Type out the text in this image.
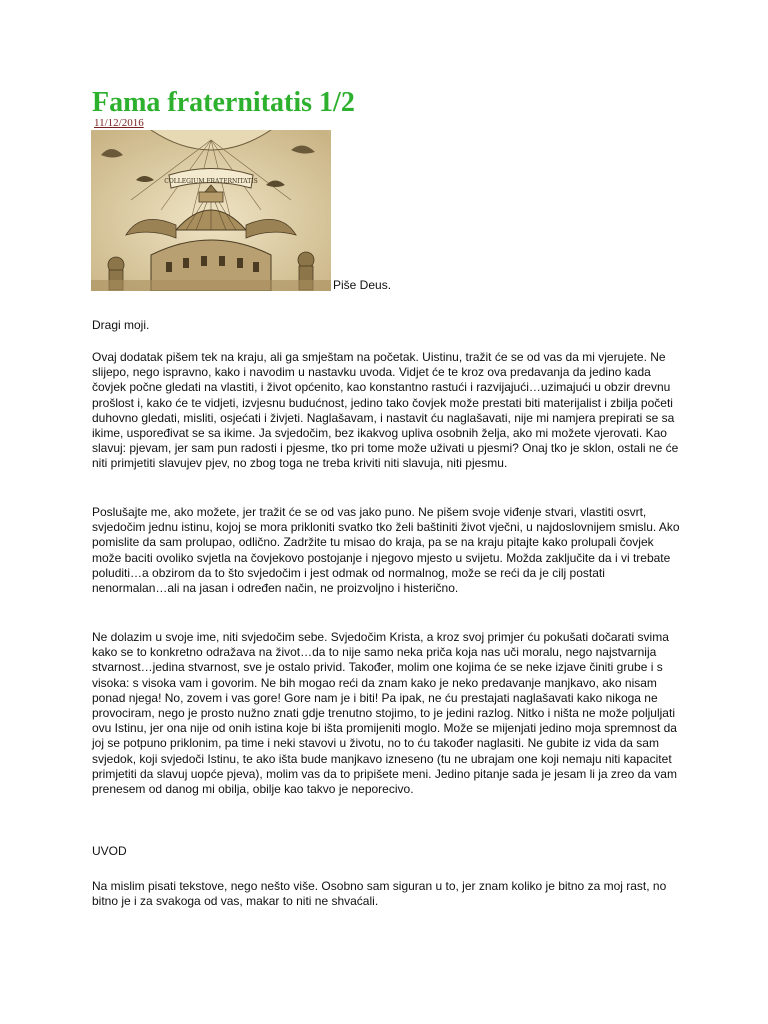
Fama fraternitatis 1/2
11/12/2016
COLLEGIUM FRATERNITATIS
Piše Deus.

Dragi moji.

Ovaj dodatak pišem tek na kraju, ali ga smještam na početak. Uistinu, tražit će se od vas da mi vjerujete. Ne slijepo, nego ispravno, kako i navodim u nastavku uvoda. Vidjet će te kroz ova predavanja da jedino kada čovjek počne gledati na vlastiti, i život općenito, kao konstantno rastući i razvijajući…uzimajući u obzir drevnu prošlost i, kako će te vidjeti, izvjesnu budućnost, jedino tako čovjek može prestati biti materijalist i zbilja početi duhovno gledati, misliti, osjećati i živjeti. Naglašavam, i nastavit ću naglašavati, nije mi namjera prepirati se sa ikime, uspoređivat se sa ikime. Ja svjedočim, bez ikakvog upliva osobnih želja, ako mi možete vjerovati. Kao slavuj: pjevam, jer sam pun radosti i pjesme, tko pri tome može uživati u pjesmi? Onaj tko je sklon, ostali ne će niti primjetiti slavujev pjev, no zbog toga ne treba kriviti niti slavuja, niti pjesmu.

Poslušajte me, ako možete, jer tražit će se od vas jako puno. Ne pišem svoje viđenje stvari, vlastiti osvrt, svjedočim jednu istinu, kojoj se mora prikloniti svatko tko želi baštiniti život vječni, u najdoslovnijem smislu. Ako pomislite da sam prolupao, odlično. Zadržite tu misao do kraja, pa se na kraju pitajte kako prolupali čovjek može baciti ovoliko svjetla na čovjekovo postojanje i njegovo mjesto u svijetu. Možda zaključite da i vi trebate poluditi…a obzirom da to što svjedočim i jest odmak od normalnog, može se reći da je cilj postati nenormalan…ali na jasan i određen način, ne proizvoljno i histerično.

Ne dolazim u svoje ime, niti svjedočim sebe. Svjedočim Krista, a kroz svoj primjer ću pokušati dočarati svima kako se to konkretno odražava na život…da to nije samo neka priča koja nas uči moralu, nego najstvarnija stvarnost…jedina stvarnost, sve je ostalo privid. Također, molim one kojima će se neke izjave činiti grube i s visoka: s visoka vam i govorim. Ne bih mogao reći da znam kako je neko predavanje manjkavo, ako nisam ponad njega! No, zovem i vas gore! Gore nam je i biti! Pa ipak, ne ću prestajati naglašavati kako nikoga ne provociram, nego je prosto nužno znati gdje trenutno stojimo, to je jedini razlog. Nitko i ništa ne može poljuljati ovu Istinu, jer ona nije od onih istina koje bi išta promijeniti moglo. Može se mijenjati jedino moja spremnost da joj se potpuno priklonim, pa time i neki stavovi u životu, no to ću također naglasiti. Ne gubite iz vida da sam svjedok, koji svjedoči Istinu, te ako išta bude manjkavo izneseno (tu ne ubrajam one koji nemaju niti kapacitet primjetiti da slavuj uopće pjeva), molim vas da to pripišete meni. Jedino pitanje sada je jesam li ja zreo da vam prenesem od danog mi obilja, obilje kao takvo je neporecivo.

UVOD

Na mislim pisati tekstove, nego nešto više. Osobno sam siguran u to, jer znam koliko je bitno za moj rast, no bitno je i za svakoga od vas, makar to niti ne shvaćali.
